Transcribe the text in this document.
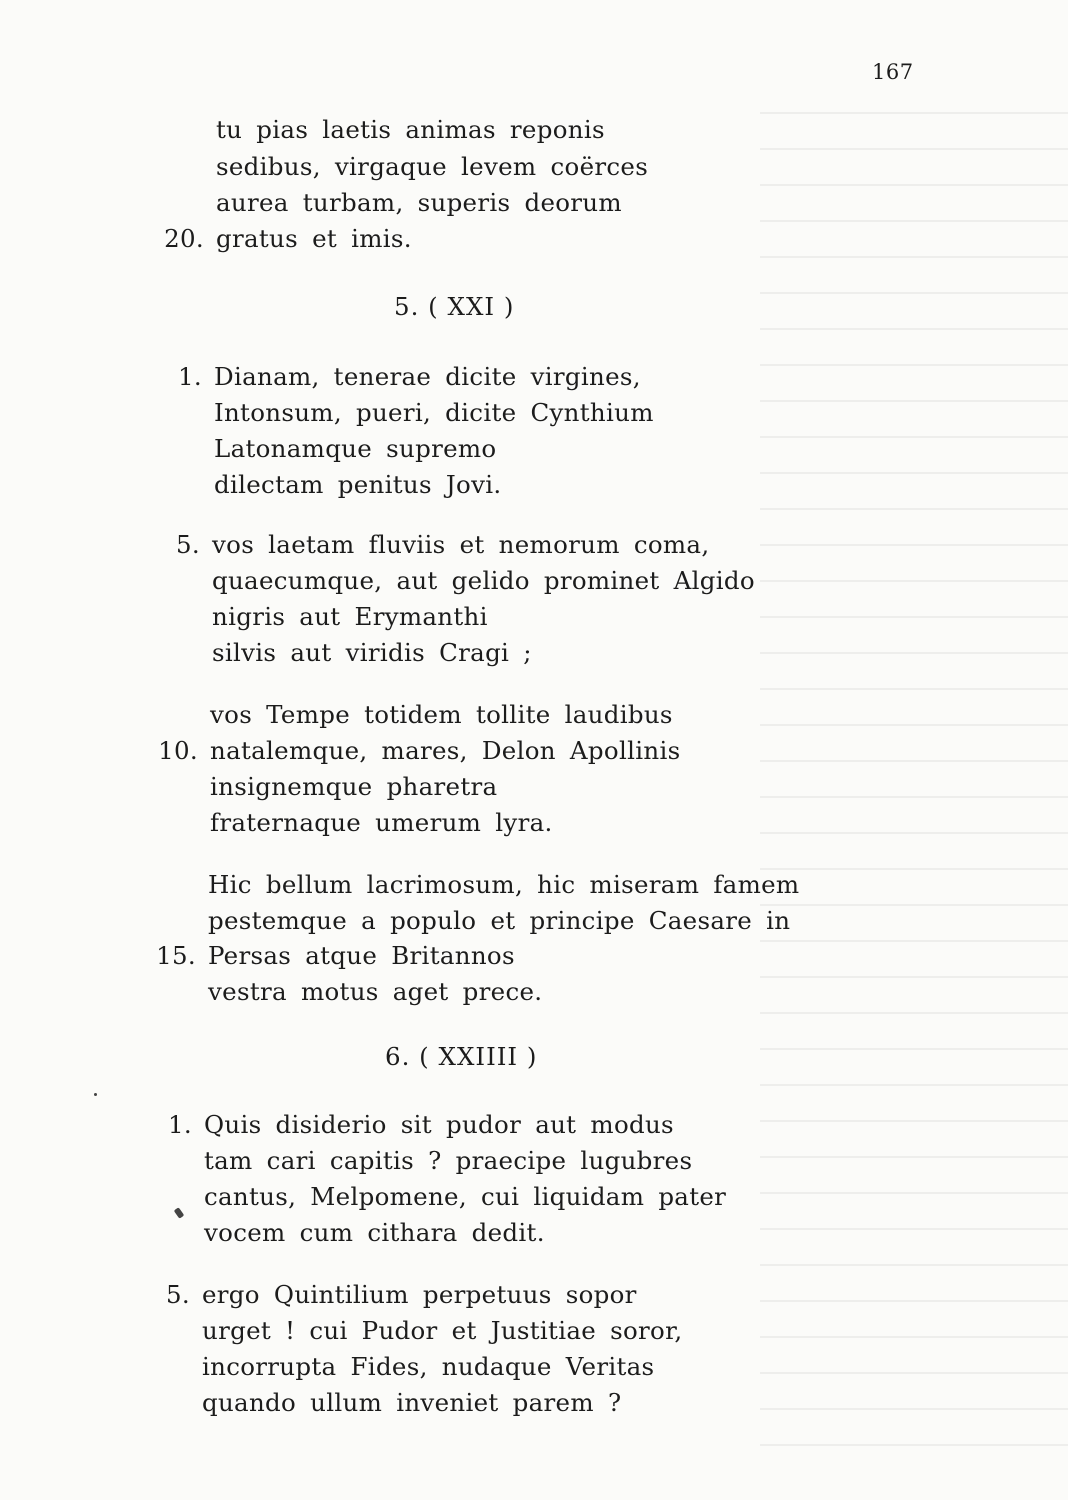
167
tu pias laetis animas reponis
sedibus, virgaque levem coërces
aurea turbam, superis deorum
20. gratus et imis.
5. ( XXI )
1. Dianam, tenerae dicite virgines,
Intonsum, pueri, dicite Cynthium
Latonamque supremo
dilectam penitus Jovi.
5. vos laetam fluviis et nemorum coma,
quaecumque, aut gelido prominet Algido
nigris aut Erymanthi
silvis aut viridis Cragi ;
vos Tempe totidem tollite laudibus
10. natalemque, mares, Delon Apollinis
insignemque pharetra
fraternaque umerum lyra.
Hic bellum lacrimosum, hic miseram famem
pestemque a populo et principe Caesare in
15. Persas atque Britannos
vestra motus aget prece.
6. ( XXIIII )
1. Quis disiderio sit pudor aut modus
tam cari capitis ? praecipe lugubres
cantus, Melpomene, cui liquidam pater
vocem cum cithara dedit.
5. ergo Quintilium perpetuus sopor
urget ! cui Pudor et Justitiae soror,
incorrupta Fides, nudaque Veritas
quando ullum inveniet parem ?
